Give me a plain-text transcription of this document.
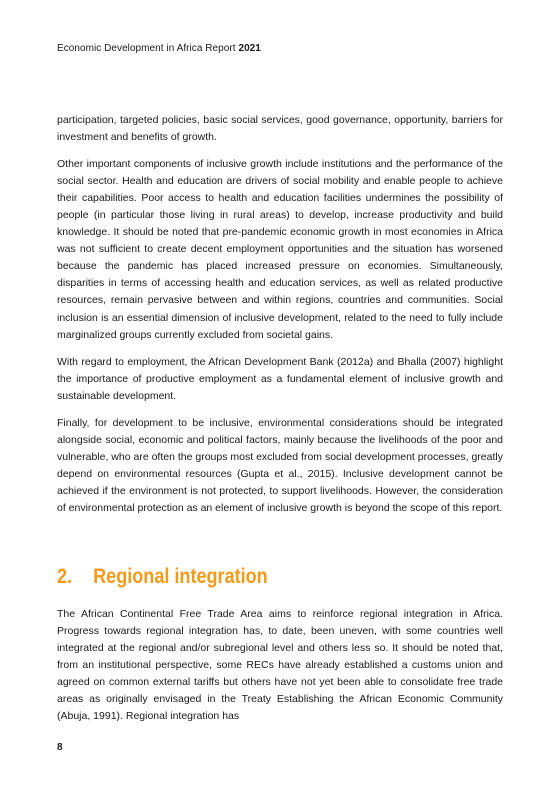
Economic Development in Africa Report 2021

participation, targeted policies, basic social services, good governance, opportunity, barriers for investment and benefits of growth.

Other important components of inclusive growth include institutions and the performance of the social sector. Health and education are drivers of social mobility and enable people to achieve their capabilities. Poor access to health and education facilities undermines the possibility of people (in particular those living in rural areas) to develop, increase productivity and build knowledge. It should be noted that pre-pandemic economic growth in most economies in Africa was not sufficient to create decent employment opportunities and the situation has worsened because the pandemic has placed increased pressure on economies. Simultaneously, disparities in terms of accessing health and education services, as well as related productive resources, remain pervasive between and within regions, countries and communities. Social inclusion is an essential dimension of inclusive development, related to the need to fully include marginalized groups currently excluded from societal gains.

With regard to employment, the African Development Bank (2012a) and Bhalla (2007) highlight the importance of productive employment as a fundamental element of inclusive growth and sustainable development.

Finally, for development to be inclusive, environmental considerations should be integrated alongside social, economic and political factors, mainly because the livelihoods of the poor and vulnerable, who are often the groups most excluded from social development processes, greatly depend on environmental resources (Gupta et al., 2015). Inclusive development cannot be achieved if the environment is not protected, to support livelihoods. However, the consideration of environmental protection as an element of inclusive growth is beyond the scope of this report.

2. Regional integration

The African Continental Free Trade Area aims to reinforce regional integration in Africa. Progress towards regional integration has, to date, been uneven, with some countries well integrated at the regional and/or subregional level and others less so. It should be noted that, from an institutional perspective, some RECs have already established a customs union and agreed on common external tariffs but others have not yet been able to consolidate free trade areas as originally envisaged in the Treaty Establishing the African Economic Community (Abuja, 1991). Regional integration has

8
